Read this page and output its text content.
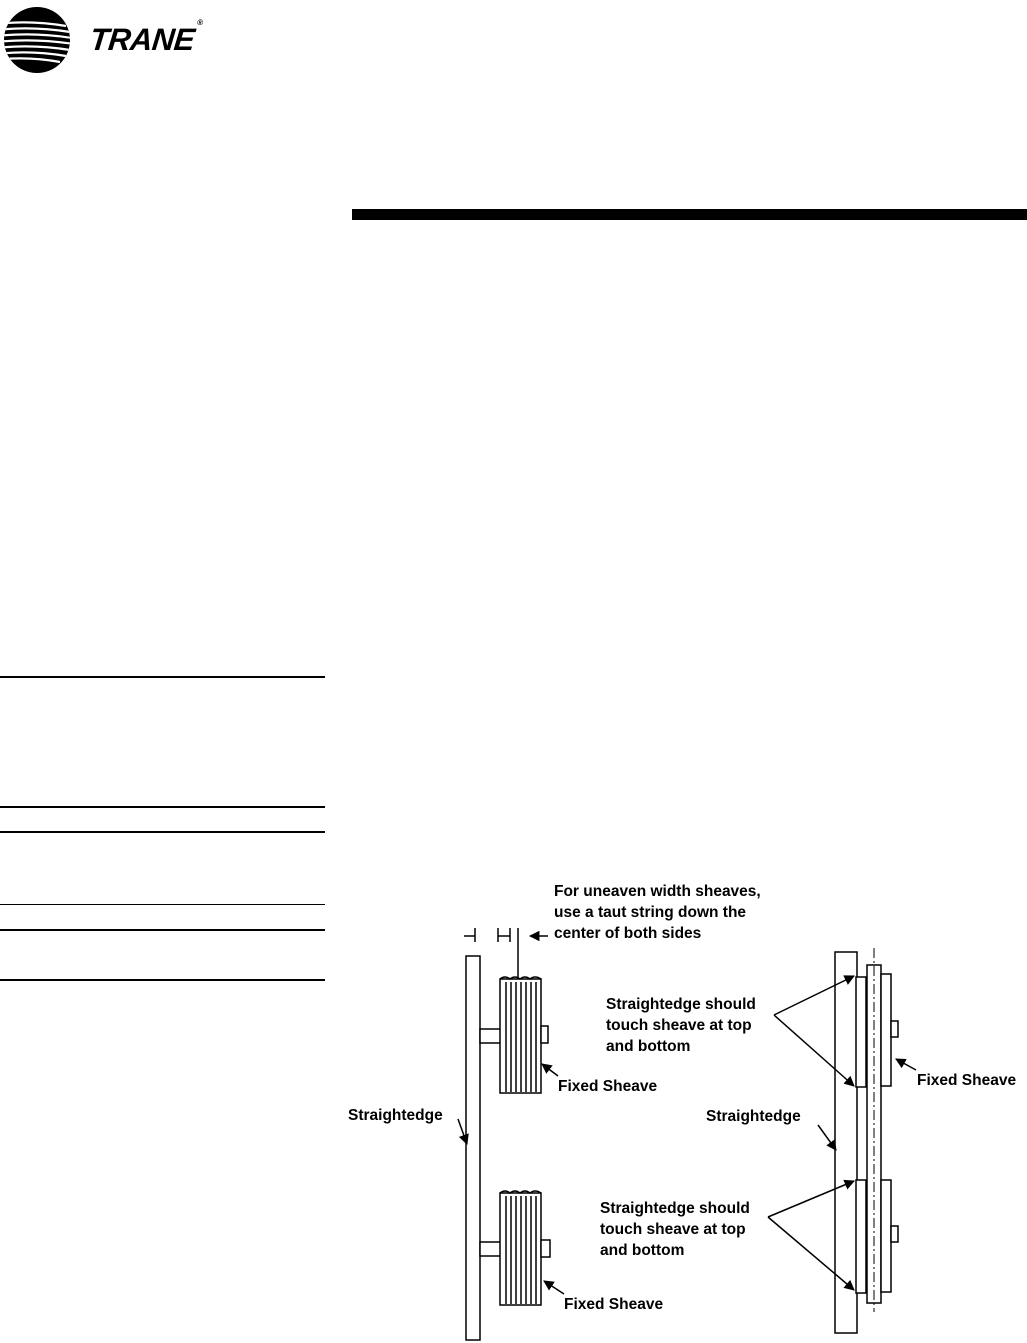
TRANE®
For uneaven width sheaves,
use a taut string down the
center of both sides
Fixed Sheave
Straightedge
Fixed Sheave
Straightedge should
touch sheave at top
and bottom
Fixed Sheave
Straightedge
Straightedge should
touch sheave at top
and bottom
